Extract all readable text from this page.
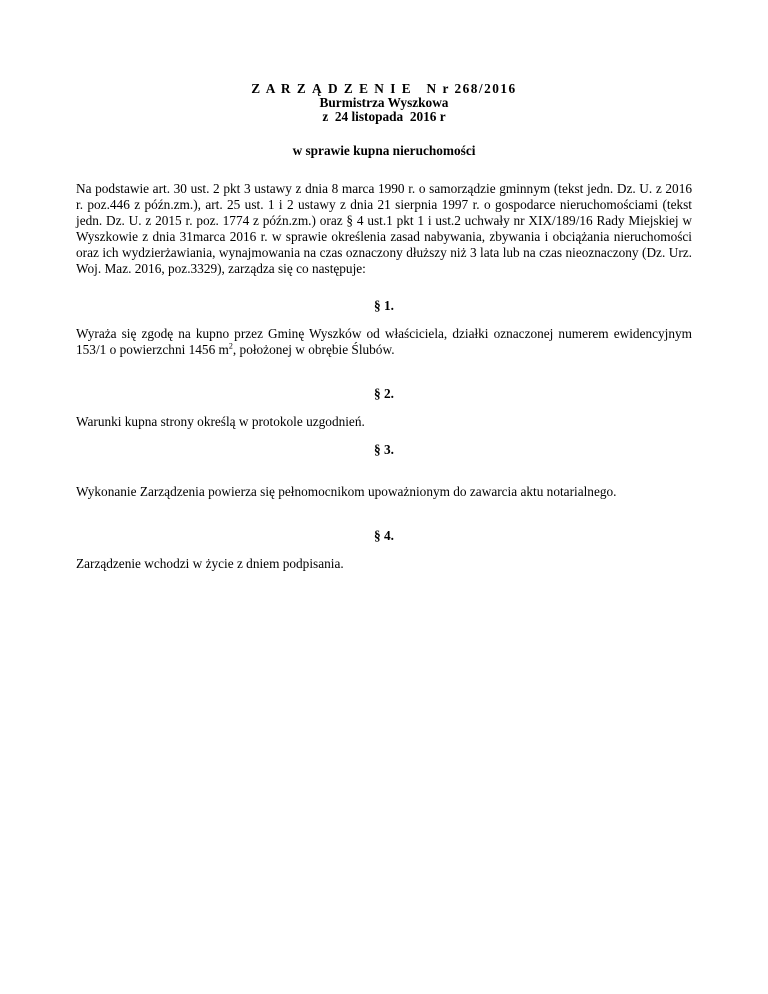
Z A R Z Ą D Z E N I E   N r 268/2016
Burmistrza Wyszkowa
z  24 listopada  2016 r
w sprawie kupna nieruchomości
Na podstawie art. 30 ust. 2 pkt 3 ustawy z dnia 8 marca 1990 r. o samorządzie gminnym (tekst jedn. Dz. U. z 2016 r. poz.446 z późn.zm.), art. 25 ust. 1 i 2 ustawy z dnia 21 sierpnia 1997 r. o gospodarce nieruchomościami (tekst jedn. Dz. U. z 2015 r. poz. 1774 z późn.zm.) oraz § 4 ust.1 pkt 1 i ust.2 uchwały nr XIX/189/16 Rady Miejskiej w Wyszkowie z dnia 31marca 2016 r. w sprawie określenia zasad nabywania, zbywania i obciążania nieruchomości oraz ich wydzierżawiania, wynajmowania na czas oznaczony dłuższy niż 3 lata lub na czas nieoznaczony (Dz. Urz. Woj. Maz. 2016, poz.3329), zarządza się co następuje:
§ 1.
Wyraża się zgodę na kupno przez Gminę Wyszków od właściciela, działki oznaczonej numerem ewidencyjnym 153/1 o powierzchni 1456 $m^2$, położonej w obrębie Ślubów.
§ 2.
Warunki kupna strony określą w protokole uzgodnień.
§ 3.
Wykonanie Zarządzenia powierza się pełnomocnikom upoważnionym do zawarcia aktu notarialnego.
§ 4.
Zarządzenie wchodzi w życie z dniem podpisania.
